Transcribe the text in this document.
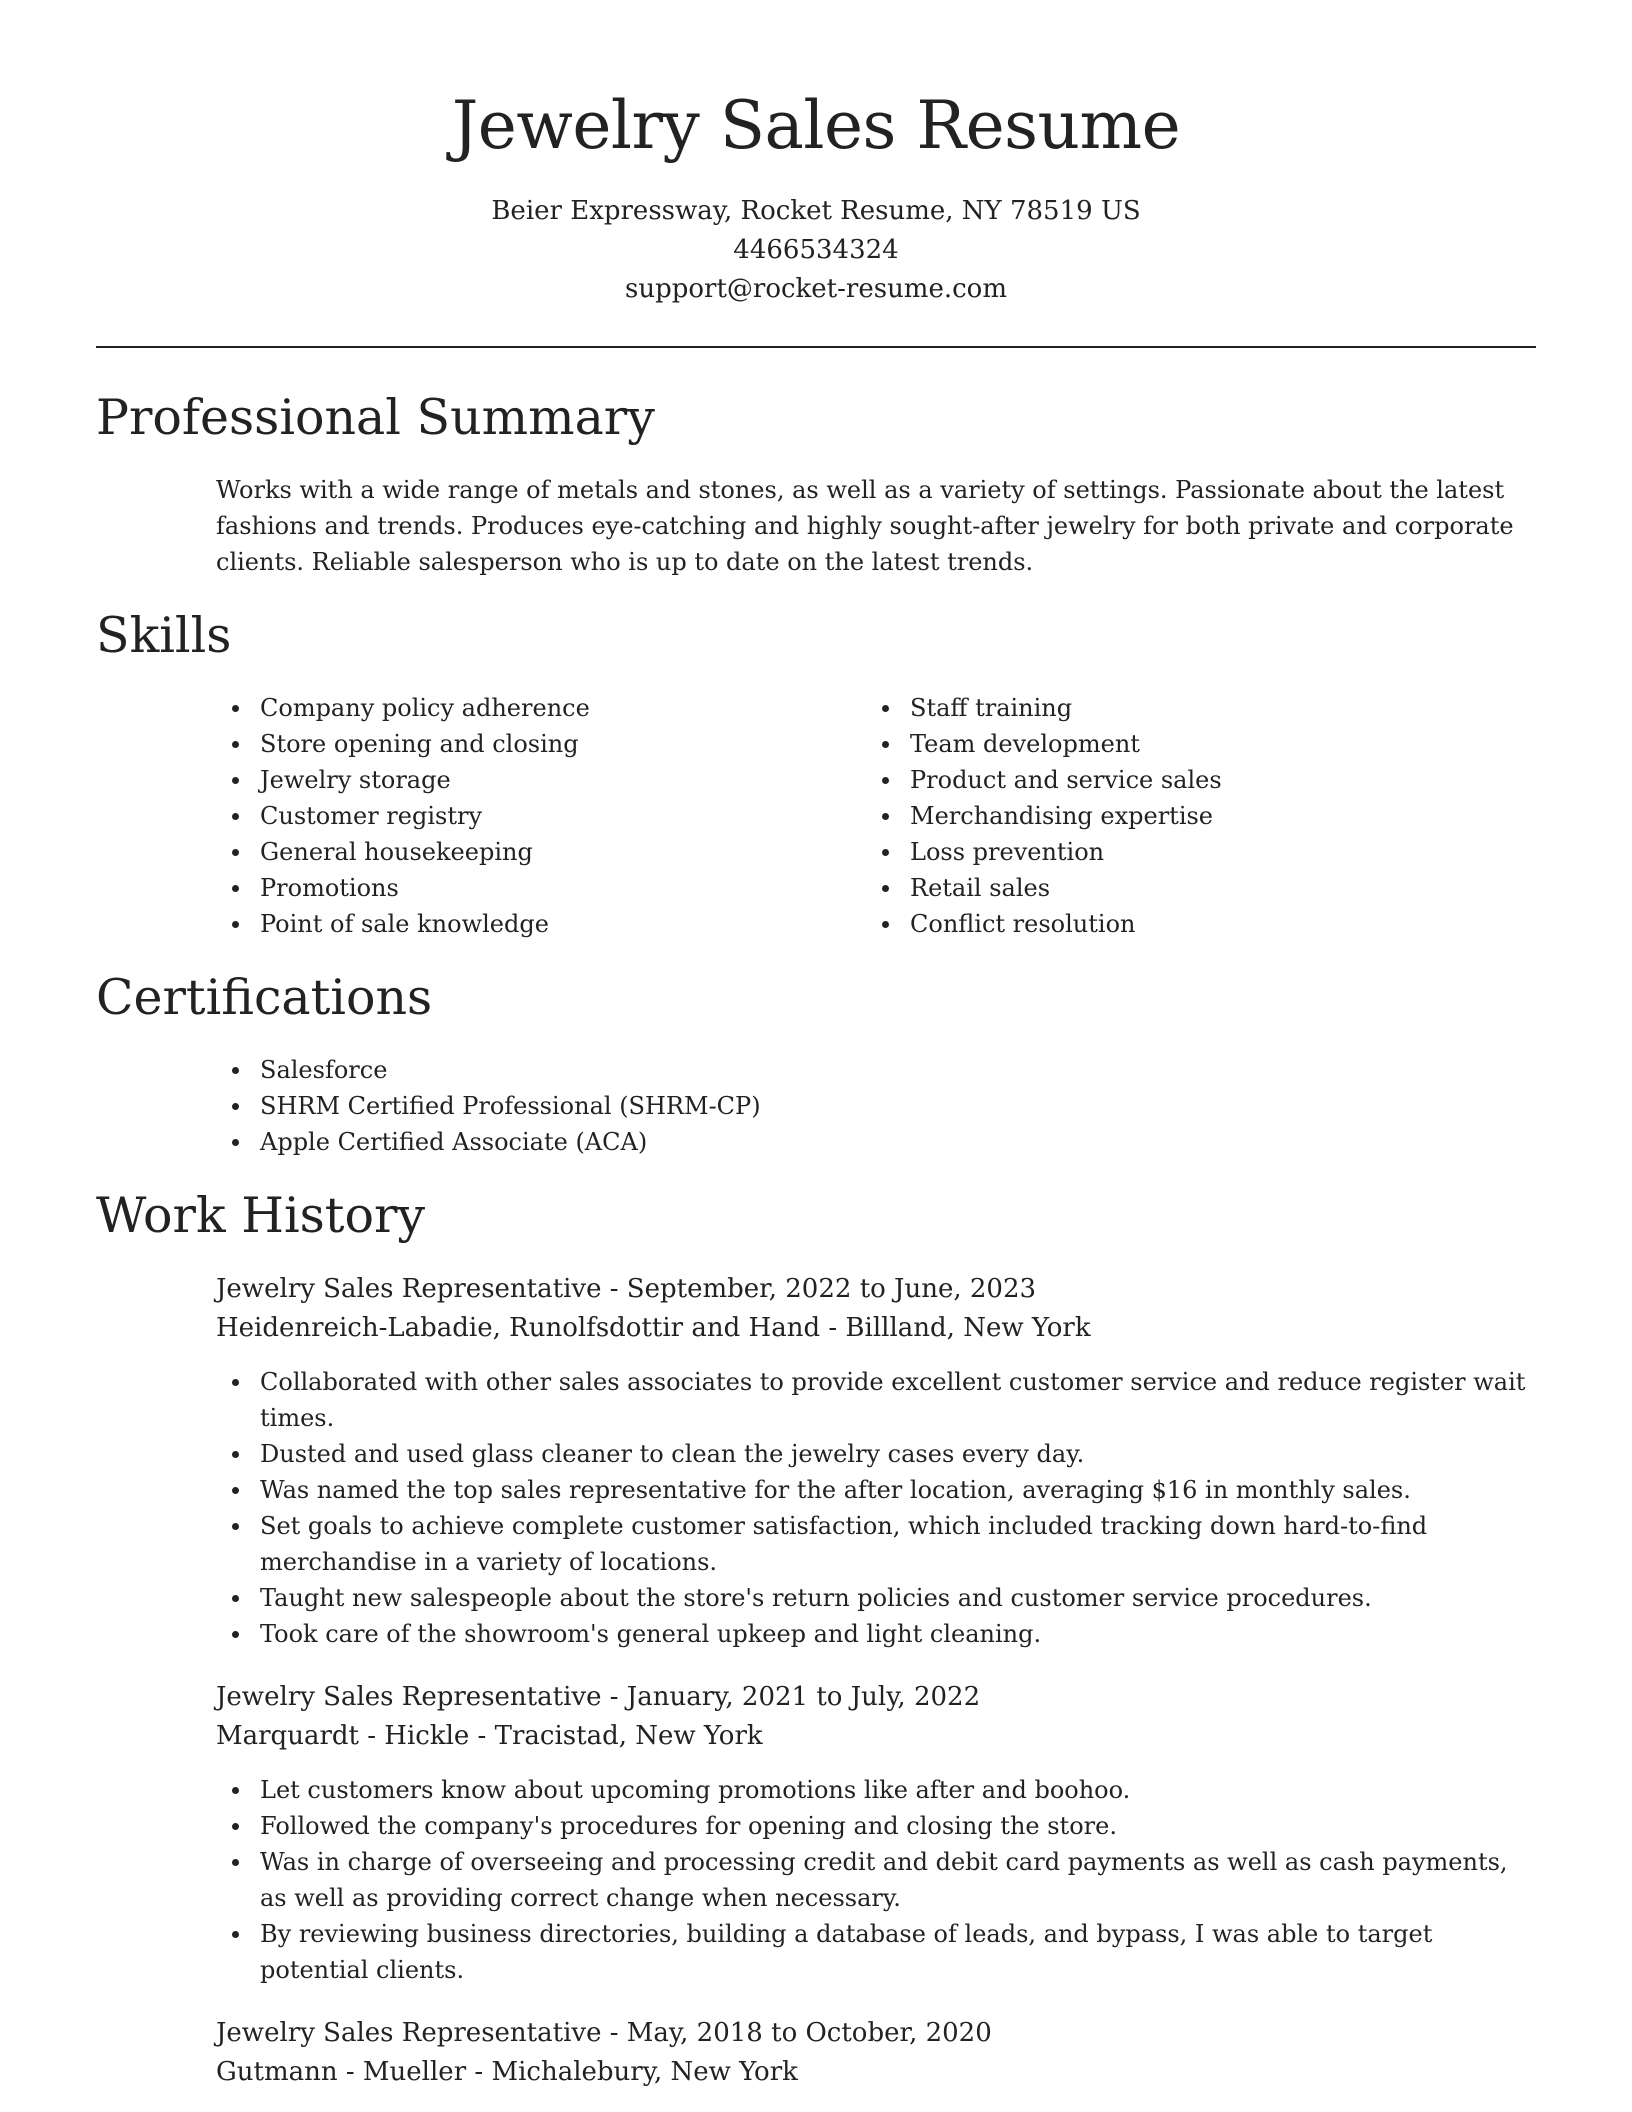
Jewelry Sales Resume
Beier Expressway, Rocket Resume, NY 78519 US
4466534324
support@rocket-resume.com
Professional Summary

Works with a wide range of metals and stones, as well as a variety of settings. Passionate about the latest fashions and trends. Produces eye-catching and highly sought-after jewelry for both private and corporate clients. Reliable salesperson who is up to date on the latest trends.

Skills
Company policy adherence
Store opening and closing
Jewelry storage
Customer registry
General housekeeping
Promotions
Point of sale knowledge
Staff training
Team development
Product and service sales
Merchandising expertise
Loss prevention
Retail sales
Conflict resolution
Certifications
Salesforce
SHRM Certified Professional (SHRM-CP)
Apple Certified Associate (ACA)
Work History
Jewelry Sales Representative - September, 2022 to June, 2023
Heidenreich-Labadie, Runolfsdottir and Hand - Billland, New York
Collaborated with other sales associates to provide excellent customer service and reduce register wait times.
Dusted and used glass cleaner to clean the jewelry cases every day.
Was named the top sales representative for the after location, averaging $16 in monthly sales.
Set goals to achieve complete customer satisfaction, which included tracking down hard-to-find merchandise in a variety of locations.
Taught new salespeople about the store's return policies and customer service procedures.
Took care of the showroom's general upkeep and light cleaning.
Jewelry Sales Representative - January, 2021 to July, 2022
Marquardt - Hickle - Tracistad, New York
Let customers know about upcoming promotions like after and boohoo.
Followed the company's procedures for opening and closing the store.
Was in charge of overseeing and processing credit and debit card payments as well as cash payments, as well as providing correct change when necessary.
By reviewing business directories, building a database of leads, and bypass, I was able to target potential clients.
Jewelry Sales Representative - May, 2018 to October, 2020
Gutmann - Mueller - Michalebury, New York
